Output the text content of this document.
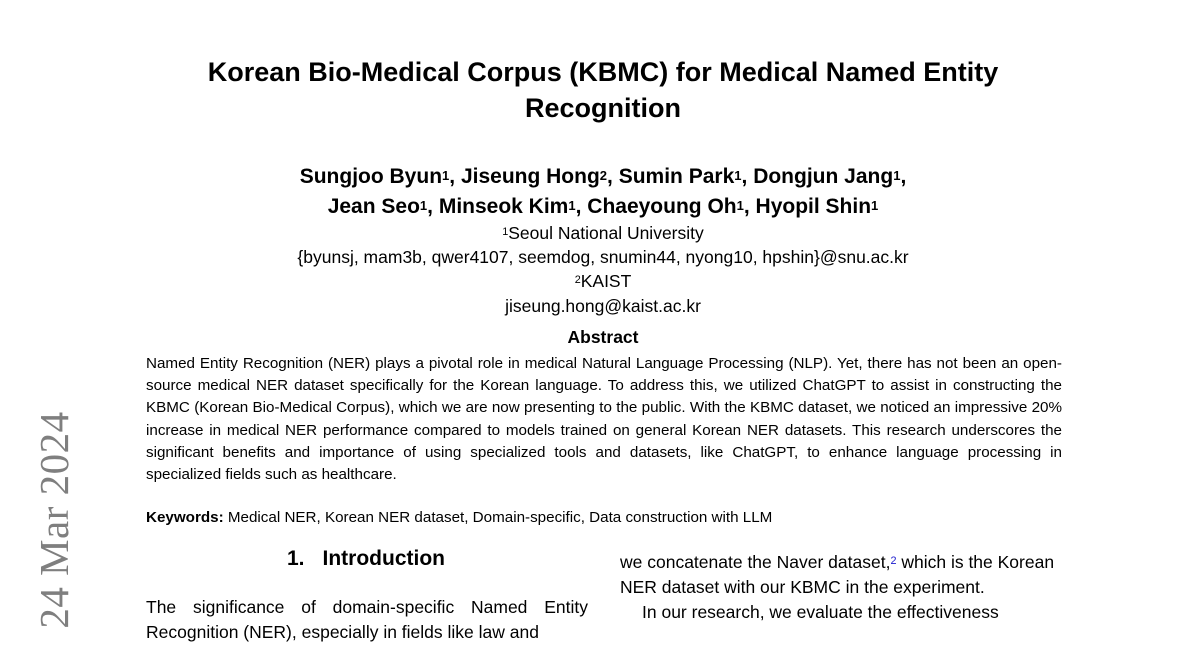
24 Mar 2024
Korean Bio-Medical Corpus (KBMC) for Medical Named Entity
Recognition
Sungjoo Byun$^1$, Jiseung Hong$^2$, Sumin Park$^1$, Dongjun Jang$^1$,
Jean Seo$^1$, Minseok Kim$^1$, Chaeyoung Oh$^1$, Hyopil Shin$^1$
$^1$Seoul National University
{byunsj, mam3b, qwer4107, seemdog, snumin44, nyong10, hpshin}@snu.ac.kr
$^2$KAIST
jiseung.hong@kaist.ac.kr
Abstract

Named Entity Recognition (NER) plays a pivotal role in medical Natural Language Processing (NLP). Yet, there has not been an open-source medical NER dataset specifically for the Korean language. To address this, we utilized ChatGPT to assist in constructing the KBMC (Korean Bio-Medical Corpus), which we are now presenting to the public. With the KBMC dataset, we noticed an impressive 20% increase in medical NER performance compared to models trained on general Korean NER datasets. This research underscores the significant benefits and importance of using specialized tools and datasets, like ChatGPT, to enhance language processing in specialized fields such as healthcare.

Keywords: Medical NER, Korean NER dataset, Domain-specific, Data construction with LLM
1. Introduction

The significance of domain-specific Named Entity Recognition (NER), especially in fields like law and

we concatenate the Naver dataset,$^2$ which is the Korean NER dataset with our KBMC in the experiment.
In our research, we evaluate the effectiveness
